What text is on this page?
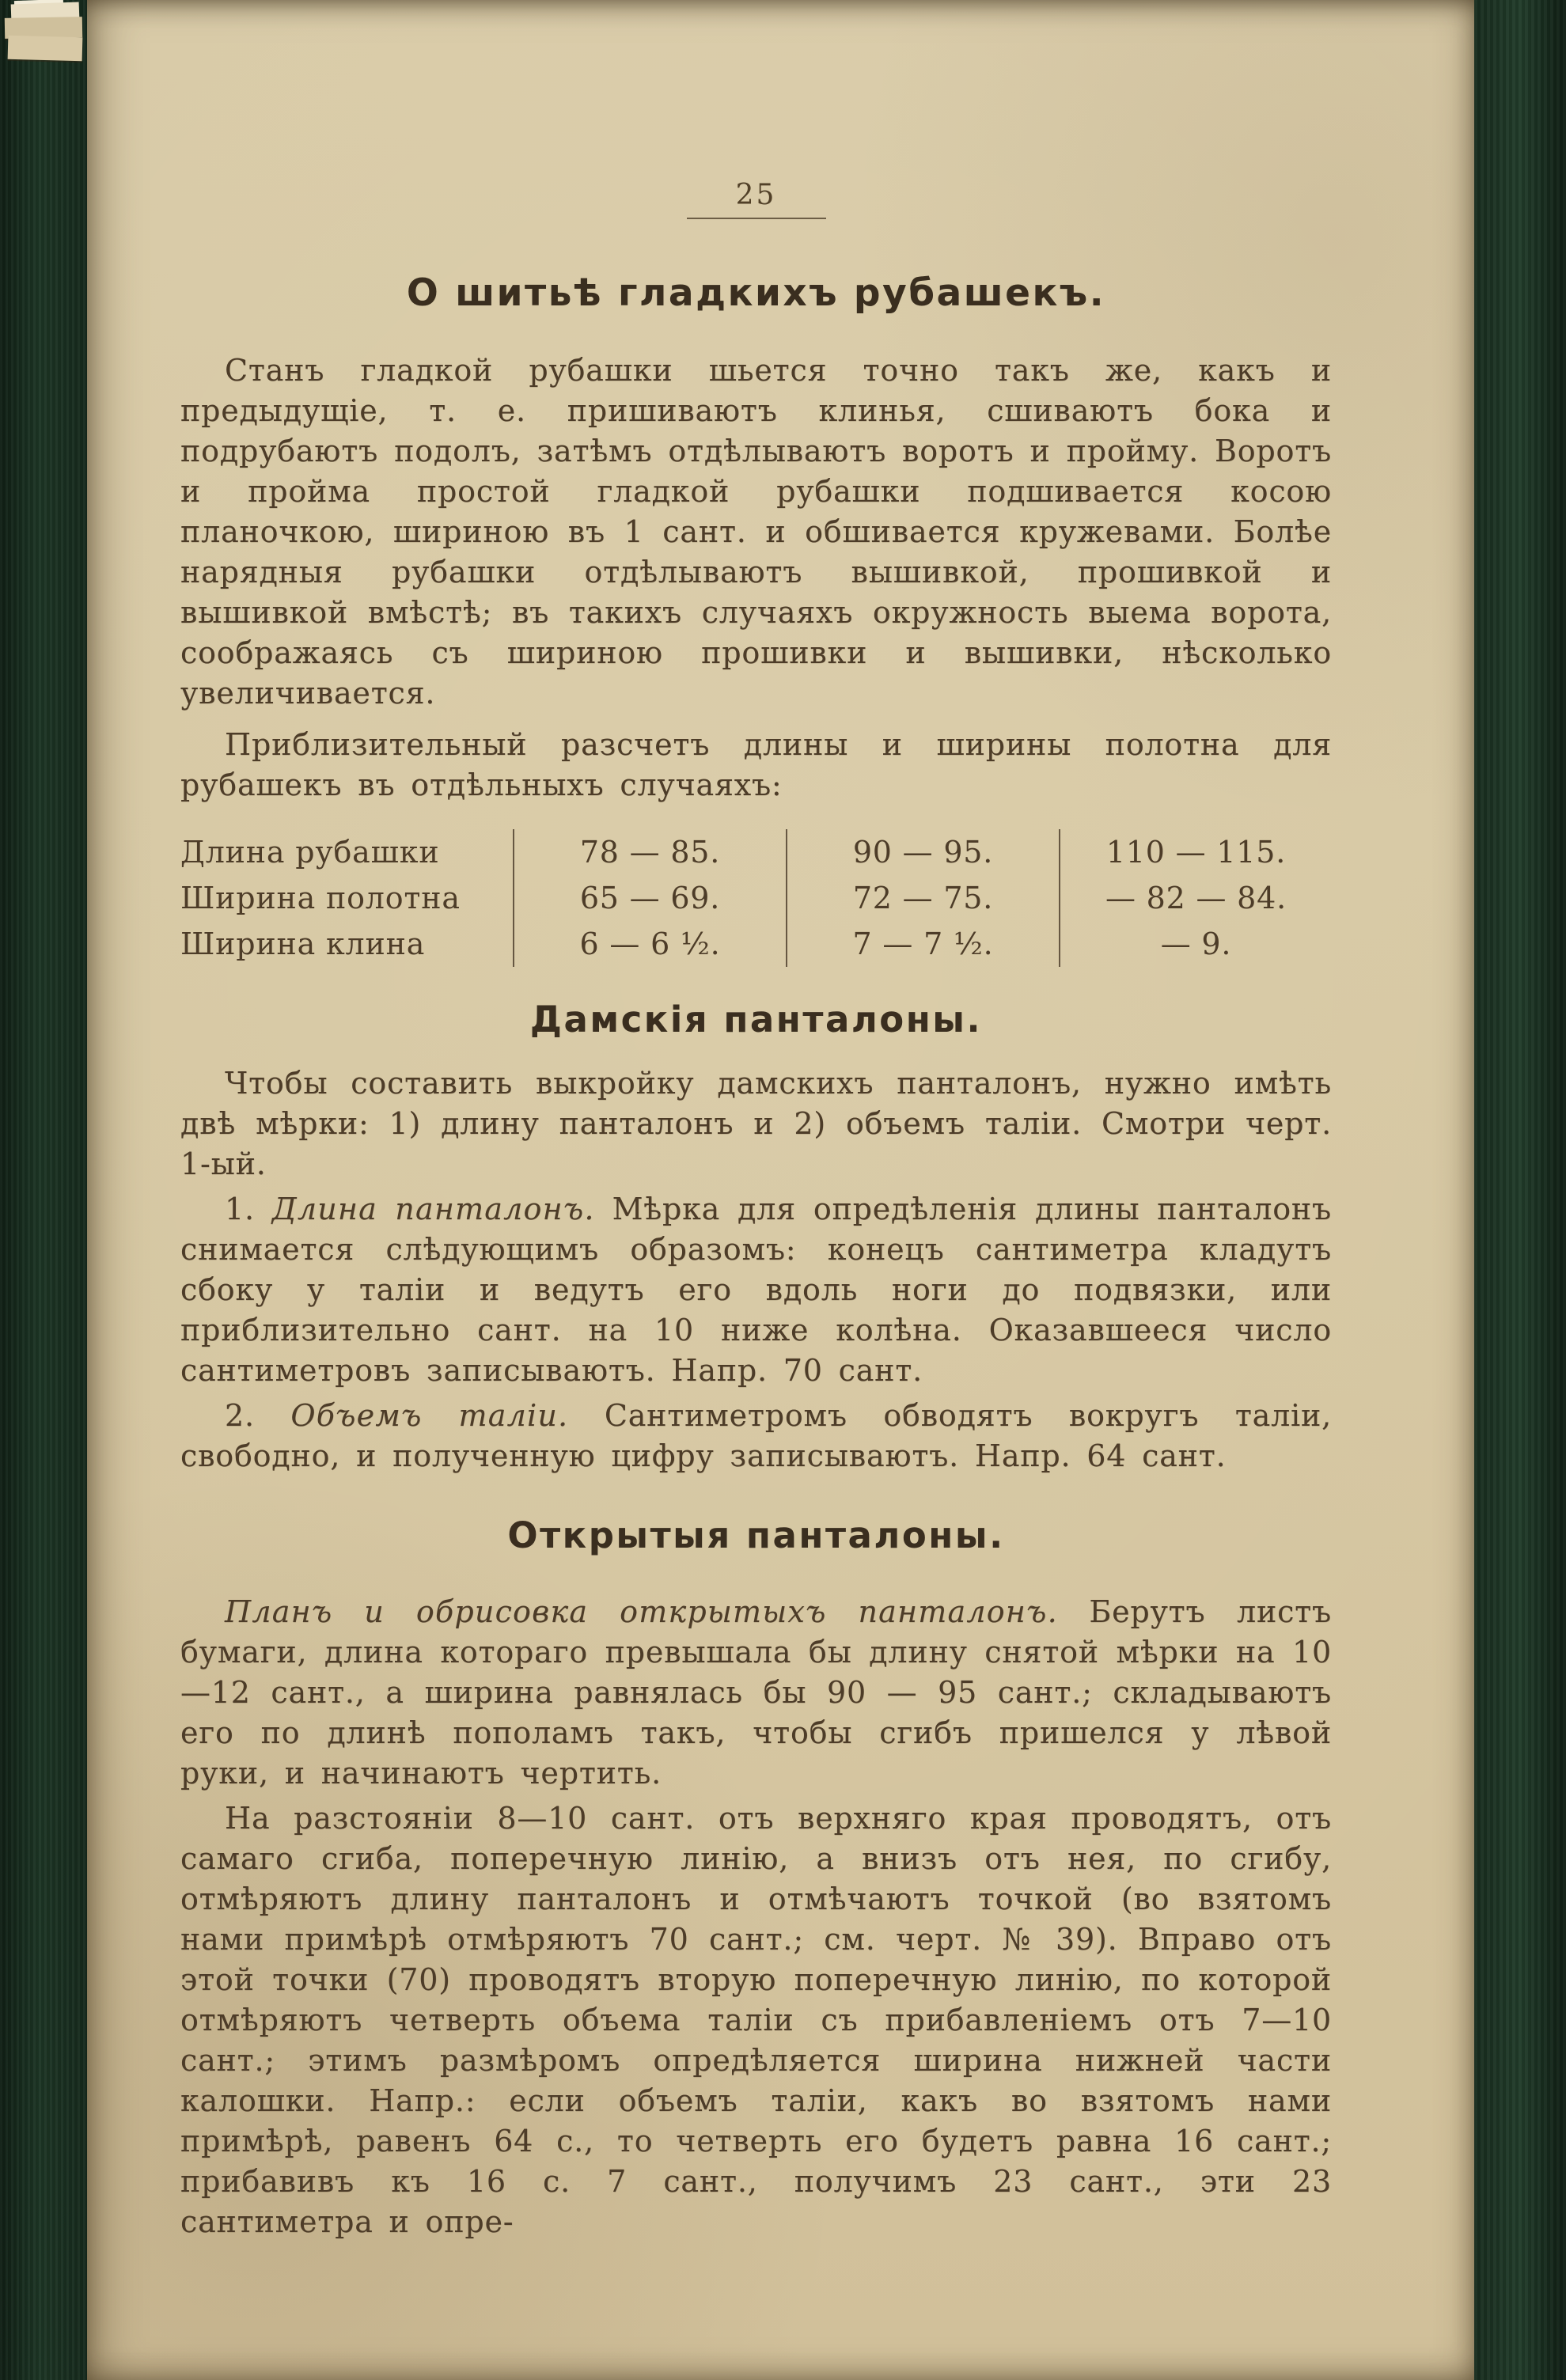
25
О шитьѣ гладкихъ рубашекъ.

Станъ гладкой рубашки шьется точно такъ же, какъ и предыдущіе, т. е. пришиваютъ клинья, сшиваютъ бока и подрубаютъ подолъ, затѣмъ отдѣлываютъ воротъ и пройму. Воротъ и пройма простой гладкой рубашки подшивается косою планочкою, шириною въ 1 сант. и обшивается кружевами. Болѣе нарядныя рубашки отдѣлываютъ вышивкой, прошивкой и вышивкой вмѣстѣ; въ такихъ случаяхъ окружность выема ворота, соображаясь съ шириною прошивки и вышивки, нѣсколько увеличивается.

Приблизительный разсчетъ длины и ширины полотна для рубашекъ въ отдѣльныхъ случаяхъ:

Длина рубашки	78 — 85.	90 — 95.	110 — 115.
Ширина полотна	65 — 69.	72 — 75.	— 82 — 84.
Ширина клина	6 — 6 ½.	7 — 7 ½.	— 9.
Дамскія панталоны.

Чтобы составить выкройку дамскихъ панталонъ, нужно имѣть двѣ мѣрки: 1) длину панталонъ и 2) объемъ таліи. Смотри черт. 1-ый.

1. Длина панталонъ. Мѣрка для опредѣленія длины панталонъ снимается слѣдующимъ образомъ: конецъ сантиметра кладутъ сбоку у таліи и ведутъ его вдоль ноги до подвязки, или приблизительно сант. на 10 ниже колѣна. Оказавшееся число сантиметровъ записываютъ. Напр. 70 сант.

2. Объемъ таліи. Сантиметромъ обводятъ вокругъ таліи, свободно, и полученную цифру записываютъ. Напр. 64 сант.

Открытыя панталоны.

Планъ и обрисовка открытыхъ панталонъ. Берутъ листъ бумаги, длина котораго превышала бы длину снятой мѣрки на 10—12 сант., а ширина равнялась бы 90 — 95 сант.; складываютъ его по длинѣ пополамъ такъ, чтобы сгибъ пришелся у лѣвой руки, и начинаютъ чертить.

На разстояніи 8—10 сант. отъ верхняго края проводятъ, отъ самаго сгиба, поперечную линію, а внизъ отъ нея, по сгибу, отмѣряютъ длину панталонъ и отмѣчаютъ точкой (во взятомъ нами примѣрѣ отмѣряютъ 70 сант.; см. черт. № 39). Вправо отъ этой точки (70) проводятъ вторую поперечную линію, по которой отмѣряютъ четверть объема таліи съ прибавленіемъ отъ 7—10 сант.; этимъ размѣромъ опредѣляется ширина нижней части калошки. Напр.: если объемъ таліи, какъ во взятомъ нами примѣрѣ, равенъ 64 с., то четверть его будетъ равна 16 сант.; прибавивъ къ 16 с. 7 сант., получимъ 23 сант., эти 23 сантиметра и опре-
